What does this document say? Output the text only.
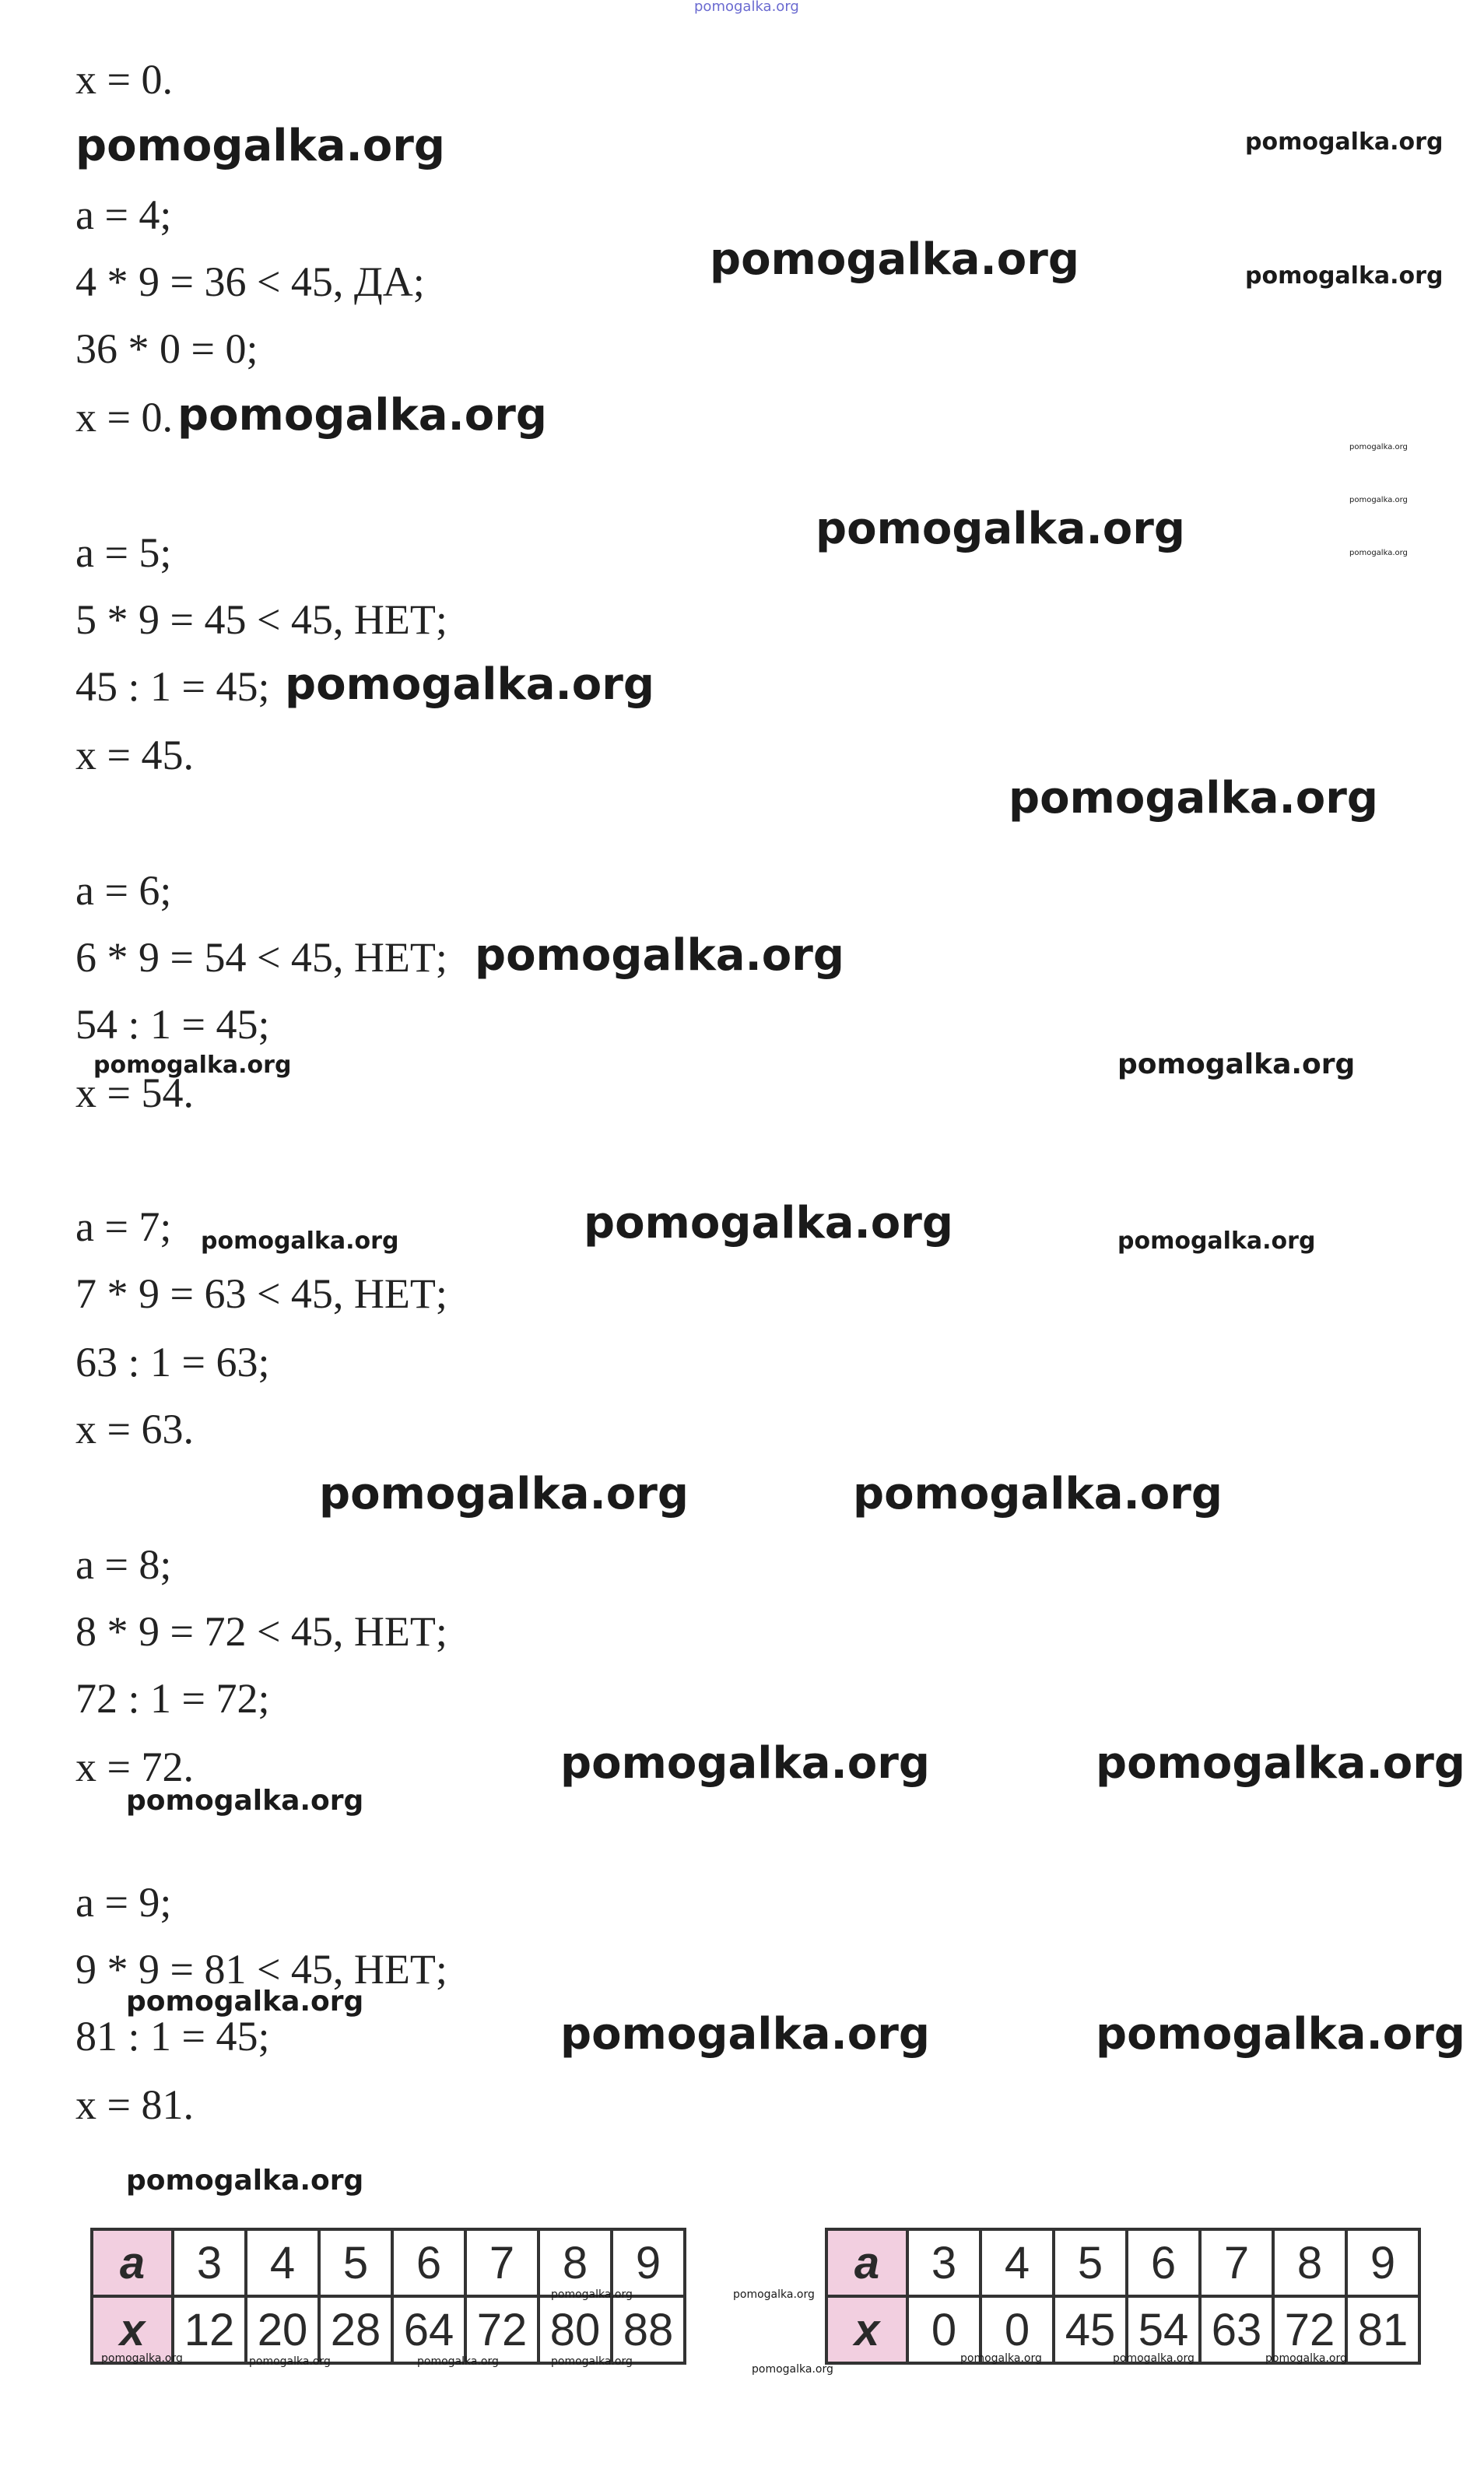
pomogalka.org
x = 0.
a = 4;
4 * 9 = 36 < 45, ДА;
36 * 0 = 0;
x = 0.
a = 5;
5 * 9 = 45 < 45, НЕТ;
45 : 1 = 45;
x = 45.
a = 6;
6 * 9 = 54 < 45, НЕТ;
54 : 1 = 45;
x = 54.
a = 7;
7 * 9 = 63 < 45, НЕТ;
63 : 1 = 63;
x = 63.
a = 8;
8 * 9 = 72 < 45, НЕТ;
72 : 1 = 72;
x = 72.
a = 9;
9 * 9 = 81 < 45, НЕТ;
81 : 1 = 45;
x = 81.
pomogalka.org	pomogalka.org
pomogalka.org	pomogalka.org
pomogalka.org
pomogalka.org
pomogalka.org
pomogalka.org
pomogalka.org
pomogalka.org
pomogalka.org
pomogalka.org
pomogalka.org	pomogalka.org
pomogalka.org	pomogalka.org	pomogalka.org
pomogalka.org	pomogalka.org
pomogalka.org	pomogalka.org
pomogalka.org
pomogalka.org
pomogalka.org	pomogalka.org
pomogalka.org
a	3	4	5	6	7	8	9
x	12	20	28	64	72	80	88
a	3	4	5	6	7	8	9
x	0	0	45	54	63	72	81
pomogalka.org	pomogalka.org
pomogalka.org	pomogalka.org	pomogalka.org	pomogalka.org
pomogalka.org
pomogalka.org	pomogalka.org	pomogalka.org
